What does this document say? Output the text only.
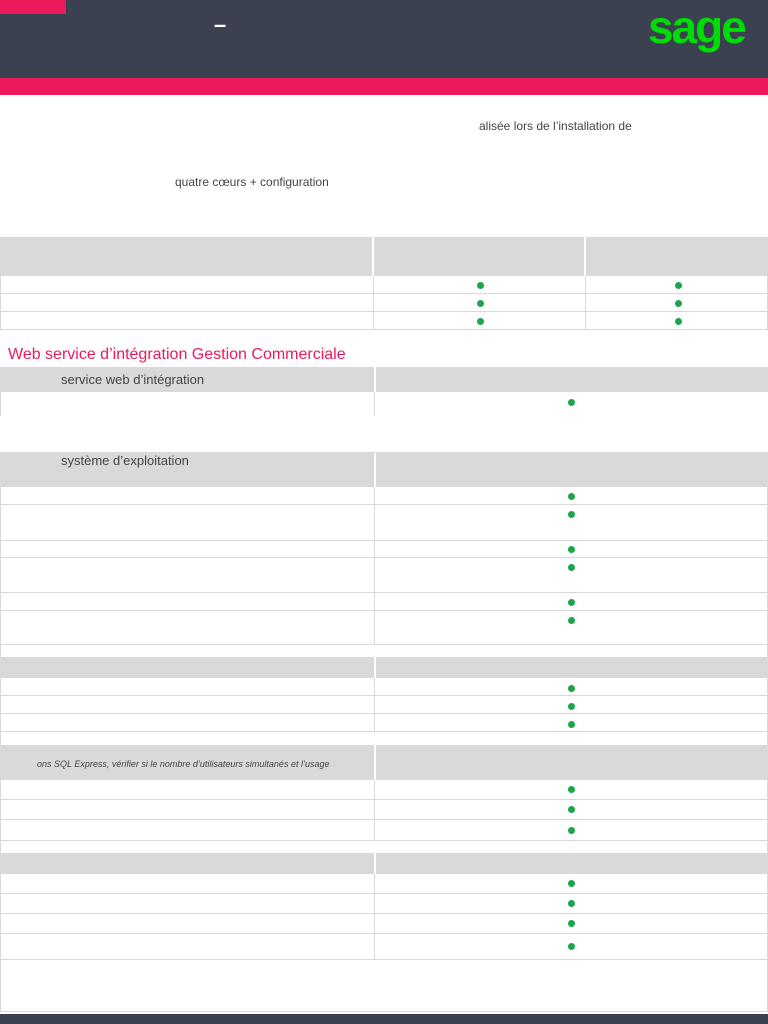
–	sage
alisée lors de l’installation de
quatre cœurs + configuration
Web service d’intégration Gestion Commerciale
service web d’intégration
système d’exploitation
ons SQL Express, vérifier si le nombre d’utilisateurs simultanés et l’usage
